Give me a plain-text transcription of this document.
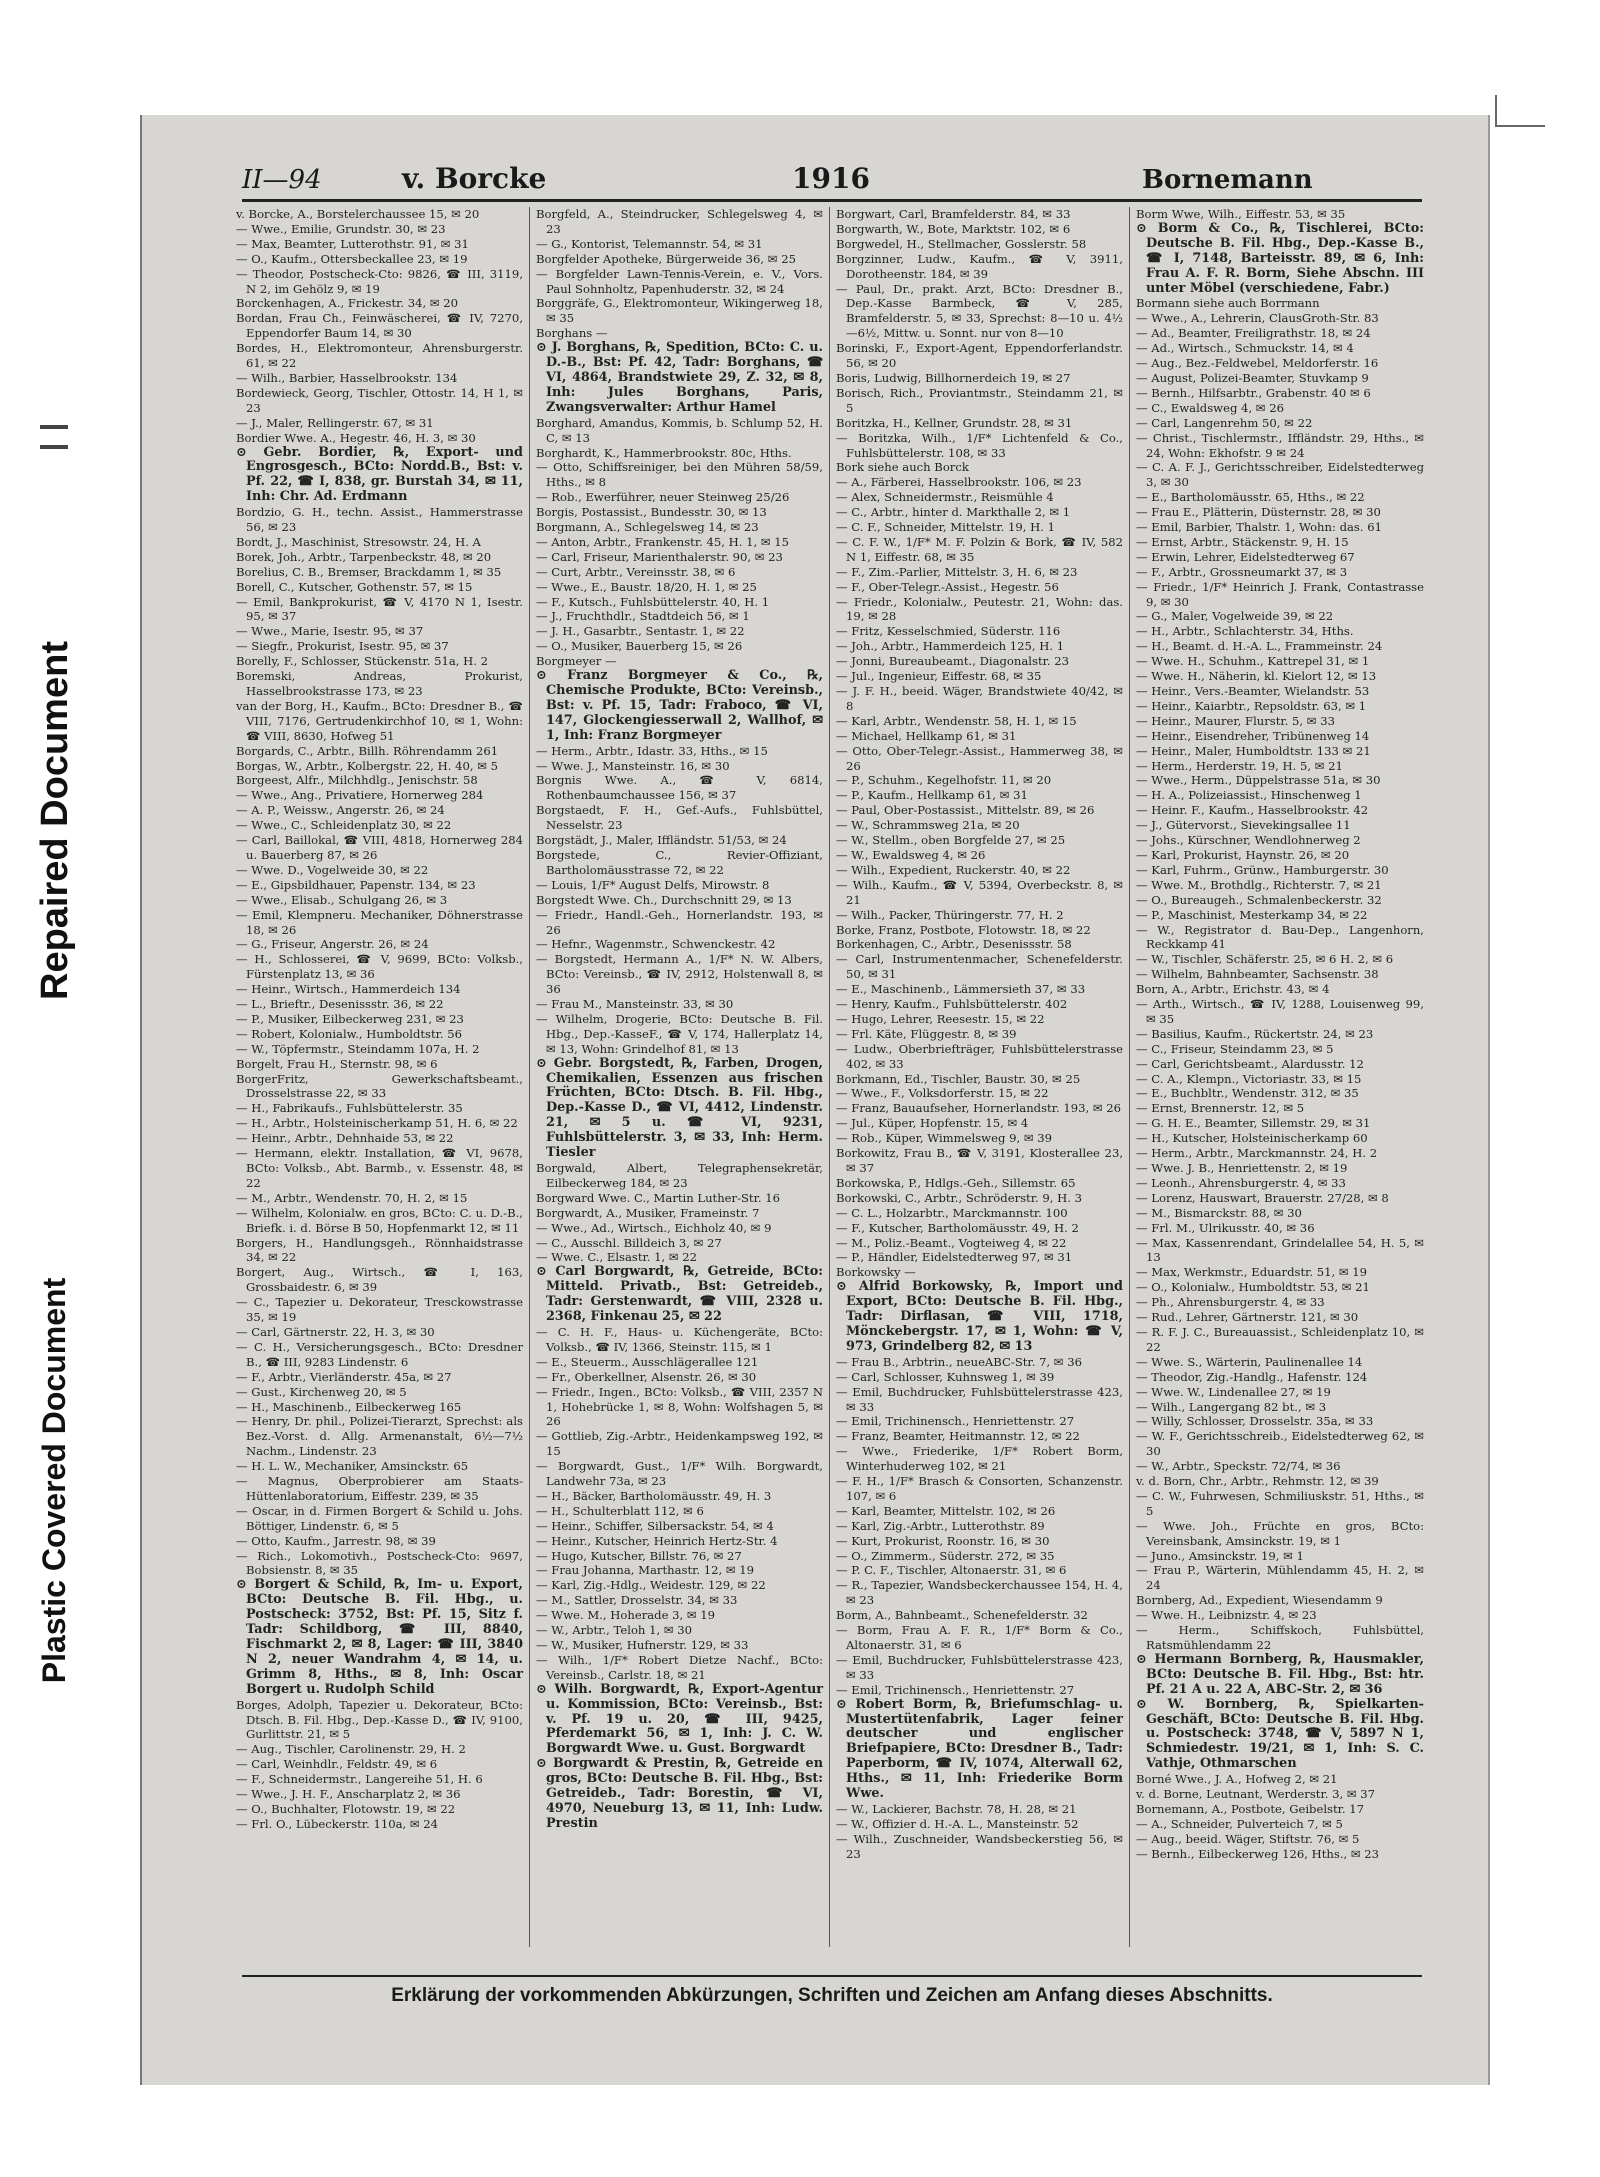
Repaired Document
Plastic Covered Document
II—94	v. Borcke	1916	Bornemann

v. Borcke, A., Borstelerchaussee 15, ✉ 20

— Wwe., Emilie, Grundstr. 30, ✉ 23

— Max, Beamter, Lutterothstr. 91, ✉ 31

— O., Kaufm., Ottersbeckallee 23, ✉ 19

— Theodor, Postscheck-Cto: 9826, ☎ III, 3119, N 2, im Gehölz 9, ✉ 19

Borckenhagen, A., Frickestr. 34, ✉ 20

Bordan, Frau Ch., Feinwäscherei, ☎ IV, 7270, Eppendorfer Baum 14, ✉ 30

Bordes, H., Elektromonteur, Ahrensburgerstr. 61, ✉ 22

— Wilh., Barbier, Hasselbrookstr. 134

Bordewieck, Georg, Tischler, Ottostr. 14, H 1, ✉ 23

— J., Maler, Rellingerstr. 67, ✉ 31

Bordier Wwe. A., Hegestr. 46, H. 3, ✉ 30

⊙ Gebr. Bordier, ℞, Export- und Engrosgesch., BCto: Nordd.B., Bst: v. Pf. 22, ☎ I, 838, gr. Burstah 34, ✉ 11, Inh: Chr. Ad. Erdmann

Bordzio, G. H., techn. Assist., Hammerstrasse 56, ✉ 23

Bordt, J., Maschinist, Stresowstr. 24, H. A

Borek, Joh., Arbtr., Tarpenbeckstr. 48, ✉ 20

Borelius, C. B., Bremser, Brackdamm 1, ✉ 35

Borell, C., Kutscher, Gothenstr. 57, ✉ 15

— Emil, Bankprokurist, ☎ V, 4170 N 1, Isestr. 95, ✉ 37

— Wwe., Marie, Isestr. 95, ✉ 37

— Siegfr., Prokurist, Isestr. 95, ✉ 37

Borelly, F., Schlosser, Stückenstr. 51a, H. 2

Boremski, Andreas, Prokurist, Hasselbrookstrasse 173, ✉ 23

van der Borg, H., Kaufm., BCto: Dresdner B., ☎ VIII, 7176, Gertrudenkirchhof 10, ✉ 1, Wohn: ☎ VIII, 8630, Hofweg 51

Borgards, C., Arbtr., Billh. Röhrendamm 261

Borgas, W., Arbtr., Kolbergstr. 22, H. 40, ✉ 5

Borgeest, Alfr., Milchhdlg., Jenischstr. 58

— Wwe., Ang., Privatiere, Hornerweg 284

— A. P., Weissw., Angerstr. 26, ✉ 24

— Wwe., C., Schleidenplatz 30, ✉ 22

— Carl, Baillokal, ☎ VIII, 4818, Hornerweg 284 u. Bauerberg 87, ✉ 26

— Wwe. D., Vogelweide 30, ✉ 22

— E., Gipsbildhauer, Papenstr. 134, ✉ 23

— Wwe., Elisab., Schulgang 26, ✉ 3

— Emil, Klempneru. Mechaniker, Döhnerstrasse 18, ✉ 26

— G., Friseur, Angerstr. 26, ✉ 24

— H., Schlosserei, ☎ V, 9699, BCto: Volksb., Fürstenplatz 13, ✉ 36

— Heinr., Wirtsch., Hammerdeich 134

— L., Brieftr., Desenissstr. 36, ✉ 22

— P., Musiker, Eilbeckerweg 231, ✉ 23

— Robert, Kolonialw., Humboldtstr. 56

— W., Töpfermstr., Steindamm 107a, H. 2

Borgelt, Frau H., Sternstr. 98, ✉ 6

BorgerFritz, Gewerkschaftsbeamt., Drosselstrasse 22, ✉ 33

— H., Fabrikaufs., Fuhlsbüttelerstr. 35

— H., Arbtr., Holsteinischerkamp 51, H. 6, ✉ 22

— Heinr., Arbtr., Dehnhaide 53, ✉ 22

— Hermann, elektr. Installation, ☎ VI, 9678, BCto: Volksb., Abt. Barmb., v. Essenstr. 48, ✉ 22

— M., Arbtr., Wendenstr. 70, H. 2, ✉ 15

— Wilhelm, Kolonialw. en gros, BCto: C. u. D.-B., Briefk. i. d. Börse B 50, Hopfenmarkt 12, ✉ 11

Borgers, H., Handlungsgeh., Rönnhaidstrasse 34, ✉ 22

Borgert, Aug., Wirtsch., ☎ I, 163, Grossbaidestr. 6, ✉ 39

— C., Tapezier u. Dekorateur, Tresckowstrasse 35, ✉ 19

— Carl, Gärtnerstr. 22, H. 3, ✉ 30

— C. H., Versicherungsgesch., BCto: Dresdner B., ☎ III, 9283 Lindenstr. 6

— F., Arbtr., Vierländerstr. 45a, ✉ 27

— Gust., Kirchenweg 20, ✉ 5

— H., Maschinenb., Eilbeckerweg 165

— Henry, Dr. phil., Polizei-Tierarzt, Sprechst: als Bez.-Vorst. d. Allg. Armenanstalt, 6½—7½ Nachm., Lindenstr. 23

— H. L. W., Mechaniker, Amsinckstr. 65

— Magnus, Oberprobierer am Staats-Hüttenlaboratorium, Eiffestr. 239, ✉ 35

— Oscar, in d. Firmen Borgert & Schild u. Johs. Böttiger, Lindenstr. 6, ✉ 5

— Otto, Kaufm., Jarrestr. 98, ✉ 39

— Rich., Lokomotivh., Postscheck-Cto: 9697, Bobsienstr. 8, ✉ 35

⊙ Borgert & Schild, ℞, Im- u. Export, BCto: Deutsche B. Fil. Hbg., u. Postscheck: 3752, Bst: Pf. 15, Sitz f. Tadr: Schildborg, ☎ III, 8840, Fischmarkt 2, ✉ 8, Lager: ☎ III, 3840 N 2, neuer Wandrahm 4, ✉ 14, u. Grimm 8, Hths., ✉ 8, Inh: Oscar Borgert u. Rudolph Schild

Borges, Adolph, Tapezier u. Dekorateur, BCto: Dtsch. B. Fil. Hbg., Dep.-Kasse D., ☎ IV, 9100, Gurlittstr. 21, ✉ 5

— Aug., Tischler, Carolinenstr. 29, H. 2

— Carl, Weinhdlr., Feldstr. 49, ✉ 6

— F., Schneidermstr., Langereihe 51, H. 6

— Wwe., J. H. F., Anscharplatz 2, ✉ 36

— O., Buchhalter, Flotowstr. 19, ✉ 22

— Frl. O., Lübeckerstr. 110a, ✉ 24

Borgfeld, A., Steindrucker, Schlegelsweg 4, ✉ 23

— G., Kontorist, Telemannstr. 54, ✉ 31

Borgfelder Apotheke, Bürgerweide 36, ✉ 25

— Borgfelder Lawn-Tennis-Verein, e. V., Vors. Paul Sohnholtz, Papenhuderstr. 32, ✉ 24

Borggräfe, G., Elektromonteur, Wikingerweg 18, ✉ 35

Borghans —

⊙ J. Borghans, ℞, Spedition, BCto: C. u. D.-B., Bst: Pf. 42, Tadr: Borghans, ☎ VI, 4864, Brandstwiete 29, Z. 32, ✉ 8, Inh: Jules Borghans, Paris, Zwangsverwalter: Arthur Hamel

Borghard, Amandus, Kommis, b. Schlump 52, H. C, ✉ 13

Borghardt, K., Hammerbrookstr. 80c, Hths.

— Otto, Schiffsreiniger, bei den Mühren 58/59, Hths., ✉ 8

— Rob., Ewerführer, neuer Steinweg 25/26

Borgis, Postassist., Bundesstr. 30, ✉ 13

Borgmann, A., Schlegelsweg 14, ✉ 23

— Anton, Arbtr., Frankenstr. 45, H. 1, ✉ 15

— Carl, Friseur, Marienthalerstr. 90, ✉ 23

— Curt, Arbtr., Vereinsstr. 38, ✉ 6

— Wwe., E., Baustr. 18/20, H. 1, ✉ 25

— F., Kutsch., Fuhlsbüttelerstr. 40, H. 1

— J., Fruchthdlr., Stadtdeich 56, ✉ 1

— J. H., Gasarbtr., Sentastr. 1, ✉ 22

— O., Musiker, Bauerberg 15, ✉ 26

Borgmeyer —

⊙ Franz Borgmeyer & Co., ℞, Chemische Produkte, BCto: Vereinsb., Bst: v. Pf. 15, Tadr: Fraboco, ☎ VI, 147, Glockengiesserwall 2, Wallhof, ✉ 1, Inh: Franz Borgmeyer

— Herm., Arbtr., Idastr. 33, Hths., ✉ 15

— Wwe. J., Mansteinstr. 16, ✉ 30

Borgnis Wwe. A., ☎ V, 6814, Rothenbaumchaussee 156, ✉ 37

Borgstaedt, F. H., Gef.-Aufs., Fuhlsbüttel, Nesselstr. 23

Borgstädt, J., Maler, Iffländstr. 51/53, ✉ 24

Borgstede, C., Revier-Offiziant, Bartholomäusstrasse 72, ✉ 22

— Louis, 1/F* August Delfs, Mirowstr. 8

Borgstedt Wwe. Ch., Durchschnitt 29, ✉ 13

— Friedr., Handl.-Geh., Hornerlandstr. 193, ✉ 26

— Hefnr., Wagenmstr., Schwenckestr. 42

— Borgstedt, Hermann A., 1/F* N. W. Albers, BCto: Vereinsb., ☎ IV, 2912, Holstenwall 8, ✉ 36

— Frau M., Mansteinstr. 33, ✉ 30

— Wilhelm, Drogerie, BCto: Deutsche B. Fil. Hbg., Dep.-KasseF., ☎ V, 174, Hallerplatz 14, ✉ 13, Wohn: Grindelhof 81, ✉ 13

⊙ Gebr. Borgstedt, ℞, Farben, Drogen, Chemikalien, Essenzen aus frischen Früchten, BCto: Dtsch. B. Fil. Hbg., Dep.-Kasse D., ☎ VI, 4412, Lindenstr. 21, ✉ 5 u. ☎ VI, 9231, Fuhlsbüttelerstr. 3, ✉ 33, Inh: Herm. Tiesler

Borgwald, Albert, Telegraphensekretär, Eilbeckerweg 184, ✉ 23

Borgward Wwe. C., Martin Luther-Str. 16

Borgwardt, A., Musiker, Frameinstr. 7

— Wwe., Ad., Wirtsch., Eichholz 40, ✉ 9

— C., Ausschl. Billdeich 3, ✉ 27

— Wwe. C., Elsastr. 1, ✉ 22

⊙ Carl Borgwardt, ℞, Getreide, BCto: Mitteld. Privatb., Bst: Getreideb., Tadr: Gerstenwardt, ☎ VIII, 2328 u. 2368, Finkenau 25, ✉ 22

— C. H. F., Haus- u. Küchengeräte, BCto: Volksb., ☎ IV, 1366, Steinstr. 115, ✉ 1

— E., Steuerm., Ausschlägerallee 121

— Fr., Oberkellner, Alsenstr. 26, ✉ 30

— Friedr., Ingen., BCto: Volksb., ☎ VIII, 2357 N 1, Hohebrücke 1, ✉ 8, Wohn: Wolfshagen 5, ✉ 26

— Gottlieb, Zig.-Arbtr., Heidenkampsweg 192, ✉ 15

— Borgwardt, Gust., 1/F* Wilh. Borgwardt, Landwehr 73a, ✉ 23

— H., Bäcker, Bartholomäusstr. 49, H. 3

— H., Schulterblatt 112, ✉ 6

— Heinr., Schiffer, Silbersackstr. 54, ✉ 4

— Heinr., Kutscher, Heinrich Hertz-Str. 4

— Hugo, Kutscher, Billstr. 76, ✉ 27

— Frau Johanna, Marthastr. 12, ✉ 19

— Karl, Zig.-Hdlg., Weidestr. 129, ✉ 22

— M., Sattler, Drosselstr. 34, ✉ 33

— Wwe. M., Hoherade 3, ✉ 19

— W., Arbtr., Teloh 1, ✉ 30

— W., Musiker, Hufnerstr. 129, ✉ 33

— Wilh., 1/F* Robert Dietze Nachf., BCto: Vereinsb., Carlstr. 18, ✉ 21

⊙ Wilh. Borgwardt, ℞, Export-Agentur u. Kommission, BCto: Vereinsb., Bst: v. Pf. 19 u. 20, ☎ III, 9425, Pferdemarkt 56, ✉ 1, Inh: J. C. W. Borgwardt Wwe. u. Gust. Borgwardt

⊙ Borgwardt & Prestin, ℞, Getreide en gros, BCto: Deutsche B. Fil. Hbg., Bst: Getreideb., Tadr: Borestin, ☎ VI, 4970, Neueburg 13, ✉ 11, Inh: Ludw. Prestin

Borgwart, Carl, Bramfelderstr. 84, ✉ 33

Borgwarth, W., Bote, Marktstr. 102, ✉ 6

Borgwedel, H., Stellmacher, Gosslerstr. 58

Borgzinner, Ludw., Kaufm., ☎ V, 3911, Dorotheenstr. 184, ✉ 39

— Paul, Dr., prakt. Arzt, BCto: Dresdner B., Dep.-Kasse Barmbeck, ☎ V, 285, Bramfelderstr. 5, ✉ 33, Sprechst: 8—10 u. 4½—6½, Mittw. u. Sonnt. nur von 8—10

Borinski, F., Export-Agent, Eppendorferlandstr. 56, ✉ 20

Boris, Ludwig, Billhornerdeich 19, ✉ 27

Borisch, Rich., Proviantmstr., Steindamm 21, ✉ 5

Boritzka, H., Kellner, Grundstr. 28, ✉ 31

— Boritzka, Wilh., 1/F* Lichtenfeld & Co., Fuhlsbüttelerstr. 108, ✉ 33

Bork siehe auch Borck

— A., Färberei, Hasselbrookstr. 106, ✉ 23

— Alex, Schneidermstr., Reismühle 4

— C., Arbtr., hinter d. Markthalle 2, ✉ 1

— C. F., Schneider, Mittelstr. 19, H. 1

— C. F. W., 1/F* M. F. Polzin & Bork, ☎ IV, 582 N 1, Eiffestr. 68, ✉ 35

— F., Zim.-Parlier, Mittelstr. 3, H. 6, ✉ 23

— F., Ober-Telegr.-Assist., Hegestr. 56

— Friedr., Kolonialw., Peutestr. 21, Wohn: das. 19, ✉ 28

— Fritz, Kesselschmied, Süderstr. 116

— Joh., Arbtr., Hammerdeich 125, H. 1

— Jonni, Bureaubeamt., Diagonalstr. 23

— Jul., Ingenieur, Eiffestr. 68, ✉ 35

— J. F. H., beeid. Wäger, Brandstwiete 40/42, ✉ 8

— Karl, Arbtr., Wendenstr. 58, H. 1, ✉ 15

— Michael, Hellkamp 61, ✉ 31

— Otto, Ober-Telegr.-Assist., Hammerweg 38, ✉ 26

— P., Schuhm., Kegelhofstr. 11, ✉ 20

— P., Kaufm., Hellkamp 61, ✉ 31

— Paul, Ober-Postassist., Mittelstr. 89, ✉ 26

— W., Schrammsweg 21a, ✉ 20

— W., Stellm., oben Borgfelde 27, ✉ 25

— W., Ewaldsweg 4, ✉ 26

— Wilh., Expedient, Ruckerstr. 40, ✉ 22

— Wilh., Kaufm., ☎ V, 5394, Overbeckstr. 8, ✉ 21

— Wilh., Packer, Thüringerstr. 77, H. 2

Borke, Franz, Postbote, Flotowstr. 18, ✉ 22

Borkenhagen, C., Arbtr., Desenissstr. 58

— Carl, Instrumentenmacher, Schenefelderstr. 50, ✉ 31

— E., Maschinenb., Lämmersieth 37, ✉ 33

— Henry, Kaufm., Fuhlsbüttelerstr. 402

— Hugo, Lehrer, Reesestr. 15, ✉ 22

— Frl. Käte, Flüggestr. 8, ✉ 39

— Ludw., Oberbriefträger, Fuhlsbüttelerstrasse 402, ✉ 33

Borkmann, Ed., Tischler, Baustr. 30, ✉ 25

— Wwe., F., Volksdorferstr. 15, ✉ 22

— Franz, Bauaufseher, Hornerlandstr. 193, ✉ 26

— Jul., Küper, Hopfenstr. 15, ✉ 4

— Rob., Küper, Wimmelsweg 9, ✉ 39

Borkowitz, Frau B., ☎ V, 3191, Klosterallee 23, ✉ 37

Borkowska, P., Hdlgs.-Geh., Sillemstr. 65

Borkowski, C., Arbtr., Schröderstr. 9, H. 3

— C. L., Holzarbtr., Marckmannstr. 100

— F., Kutscher, Bartholomäusstr. 49, H. 2

— M., Poliz.-Beamt., Vogteiweg 4, ✉ 22

— P., Händler, Eidelstedterweg 97, ✉ 31

Borkowsky —

⊙ Alfrid Borkowsky, ℞, Import und Export, BCto: Deutsche B. Fil. Hbg., Tadr: Dirflasan, ☎ VIII, 1718, Mönckebergstr. 17, ✉ 1, Wohn: ☎ V, 973, Grindelberg 82, ✉ 13

— Frau B., Arbtrin., neueABC-Str. 7, ✉ 36

— Carl, Schlosser, Kuhnsweg 1, ✉ 39

— Emil, Buchdrucker, Fuhlsbüttelerstrasse 423, ✉ 33

— Emil, Trichinensch., Henriettenstr. 27

— Franz, Beamter, Heitmannstr. 12, ✉ 22

— Wwe., Friederike, 1/F* Robert Borm, Winterhuderweg 102, ✉ 21

— F. H., 1/F* Brasch & Consorten, Schanzenstr. 107, ✉ 6

— Karl, Beamter, Mittelstr. 102, ✉ 26

— Karl, Zig.-Arbtr., Lutterothstr. 89

— Kurt, Prokurist, Roonstr. 16, ✉ 30

— O., Zimmerm., Süderstr. 272, ✉ 35

— P. C. F., Tischler, Altonaerstr. 31, ✉ 6

— R., Tapezier, Wandsbeckerchaussee 154, H. 4, ✉ 23

Borm, A., Bahnbeamt., Schenefelderstr. 32

— Borm, Frau A. F. R., 1/F* Borm & Co., Altonaerstr. 31, ✉ 6

— Emil, Buchdrucker, Fuhlsbüttelerstrasse 423, ✉ 33

— Emil, Trichinensch., Henriettenstr. 27

⊙ Robert Borm, ℞, Briefumschlag- u. Mustertütenfabrik, Lager feiner deutscher und englischer Briefpapiere, BCto: Dresdner B., Tadr: Paperborm, ☎ IV, 1074, Alterwall 62, Hths., ✉ 11, Inh: Friederike Borm Wwe.

— W., Lackierer, Bachstr. 78, H. 28, ✉ 21

— W., Offizier d. H.-A. L., Mansteinstr. 52

— Wilh., Zuschneider, Wandsbeckerstieg 56, ✉ 23

Borm Wwe, Wilh., Eiffestr. 53, ✉ 35

⊙ Borm & Co., ℞, Tischlerei, BCto: Deutsche B. Fil. Hbg., Dep.-Kasse B., ☎ I, 7148, Barteisstr. 89, ✉ 6, Inh: Frau A. F. R. Borm, Siehe Abschn. III unter Möbel (verschiedene, Fabr.)

Bormann siehe auch Borrmann

— Wwe., A., Lehrerin, ClausGroth-Str. 83

— Ad., Beamter, Freiligrathstr. 18, ✉ 24

— Ad., Wirtsch., Schmuckstr. 14, ✉ 4

— Aug., Bez.-Feldwebel, Meldorferstr. 16

— August, Polizei-Beamter, Stuvkamp 9

— Bernh., Hilfsarbtr., Grabenstr. 40 ✉ 6

— C., Ewaldsweg 4, ✉ 26

— Carl, Langenrehm 50, ✉ 22

— Christ., Tischlermstr., Iffländstr. 29, Hths., ✉ 24, Wohn: Ekhofstr. 9 ✉ 24

— C. A. F. J., Gerichtsschreiber, Eidelstedterweg 3, ✉ 30

— E., Bartholomäusstr. 65, Hths., ✉ 22

— Frau E., Plätterin, Düsternstr. 28, ✉ 30

— Emil, Barbier, Thalstr. 1, Wohn: das. 61

— Ernst, Arbtr., Stäckenstr. 9, H. 15

— Erwin, Lehrer, Eidelstedterweg 67

— F., Arbtr., Grossneumarkt 37, ✉ 3

— Friedr., 1/F* Heinrich J. Frank, Contastrasse 9, ✉ 30

— G., Maler, Vogelweide 39, ✉ 22

— H., Arbtr., Schlachterstr. 34, Hths.

— H., Beamt. d. H.-A. L., Frammeinstr. 24

— Wwe. H., Schuhm., Kattrepel 31, ✉ 1

— Wwe. H., Näherin, kl. Kielort 12, ✉ 13

— Heinr., Vers.-Beamter, Wielandstr. 53

— Heinr., Kaiarbtr., Repsoldstr. 63, ✉ 1

— Heinr., Maurer, Flurstr. 5, ✉ 33

— Heinr., Eisendreher, Tribünenweg 14

— Heinr., Maler, Humboldtstr. 133 ✉ 21

— Herm., Herderstr. 19, H. 5, ✉ 21

— Wwe., Herm., Düppelstrasse 51a, ✉ 30

— H. A., Polizeiassist., Hinschenweg 1

— Heinr. F., Kaufm., Hasselbrookstr. 42

— J., Gütervorst., Sievekingsallee 11

— Johs., Kürschner, Wendlohnerweg 2

— Karl, Prokurist, Haynstr. 26, ✉ 20

— Karl, Fuhrm., Grünw., Hamburgerstr. 30

— Wwe. M., Brothdlg., Richterstr. 7, ✉ 21

— O., Bureaugeh., Schmalenbeckerstr. 32

— P., Maschinist, Mesterkamp 34, ✉ 22

— W., Registrator d. Bau-Dep., Langenhorn, Reckkamp 41

— W., Tischler, Schäferstr. 25, ✉ 6 H. 2, ✉ 6

— Wilhelm, Bahnbeamter, Sachsenstr. 38

Born, A., Arbtr., Erichstr. 43, ✉ 4

— Arth., Wirtsch., ☎ IV, 1288, Louisenweg 99, ✉ 35

— Basilius, Kaufm., Rückertstr. 24, ✉ 23

— C., Friseur, Steindamm 23, ✉ 5

— Carl, Gerichtsbeamt., Alardusstr. 12

— C. A., Klempn., Victoriastr. 33, ✉ 15

— E., Buchbltr., Wendenstr. 312, ✉ 35

— Ernst, Brennerstr. 12, ✉ 5

— G. H. E., Beamter, Sillemstr. 29, ✉ 31

— H., Kutscher, Holsteinischerkamp 60

— Herm., Arbtr., Marckmannstr. 24, H. 2

— Wwe. J. B., Henriettenstr. 2, ✉ 19

— Leonh., Ahrensburgerstr. 4, ✉ 33

— Lorenz, Hauswart, Brauerstr. 27/28, ✉ 8

— M., Bismarckstr. 88, ✉ 30

— Frl. M., Ulrikusstr. 40, ✉ 36

— Max, Kassenrendant, Grindelallee 54, H. 5, ✉ 13

— Max, Werkmstr., Eduardstr. 51, ✉ 19

— O., Kolonialw., Humboldtstr. 53, ✉ 21

— Ph., Ahrensburgerstr. 4, ✉ 33

— Rud., Lehrer, Gärtnerstr. 121, ✉ 30

— R. F. J. C., Bureauassist., Schleidenplatz 10, ✉ 22

— Wwe. S., Wärterin, Paulinenallee 14

— Theodor, Zig.-Handlg., Hafenstr. 124

— Wwe. W., Lindenallee 27, ✉ 19

— Wilh., Langergang 82 bt., ✉ 3

— Willy, Schlosser, Drosselstr. 35a, ✉ 33

— W. F., Gerichtsschreib., Eidelstedterweg 62, ✉ 30

— W., Arbtr., Speckstr. 72/74, ✉ 36

v. d. Born, Chr., Arbtr., Rehmstr. 12, ✉ 39

— C. W., Fuhrwesen, Schmiliuskstr. 51, Hths., ✉ 5

— Wwe. Joh., Früchte en gros, BCto: Vereinsbank, Amsinckstr. 19, ✉ 1

— Juno., Amsinckstr. 19, ✉ 1

— Frau P., Wärterin, Mühlendamm 45, H. 2, ✉ 24

Bornberg, Ad., Expedient, Wiesendamm 9

— Wwe. H., Leibnizstr. 4, ✉ 23

— Herm., Schiffskoch, Fuhlsbüttel, Ratsmühlendamm 22

⊙ Hermann Bornberg, ℞, Hausmakler, BCto: Deutsche B. Fil. Hbg., Bst: htr. Pf. 21 A u. 22 A, ABC-Str. 2, ✉ 36

⊙ W. Bornberg, ℞, Spielkarten-Geschäft, BCto: Deutsche B. Fil. Hbg. u. Postscheck: 3748, ☎ V, 5897 N 1, Schmiedestr. 19/21, ✉ 1, Inh: S. C. Vathje, Othmarschen

Borné Wwe., J. A., Hofweg 2, ✉ 21

v. d. Borne, Leutnant, Werderstr. 3, ✉ 37

Bornemann, A., Postbote, Geibelstr. 17

— A., Schneider, Pulverteich 7, ✉ 5

— Aug., beeid. Wäger, Stiftstr. 76, ✉ 5

— Bernh., Eilbeckerweg 126, Hths., ✉ 23

Erklärung der vorkommenden Abkürzungen, Schriften und Zeichen am Anfang dieses Abschnitts.
